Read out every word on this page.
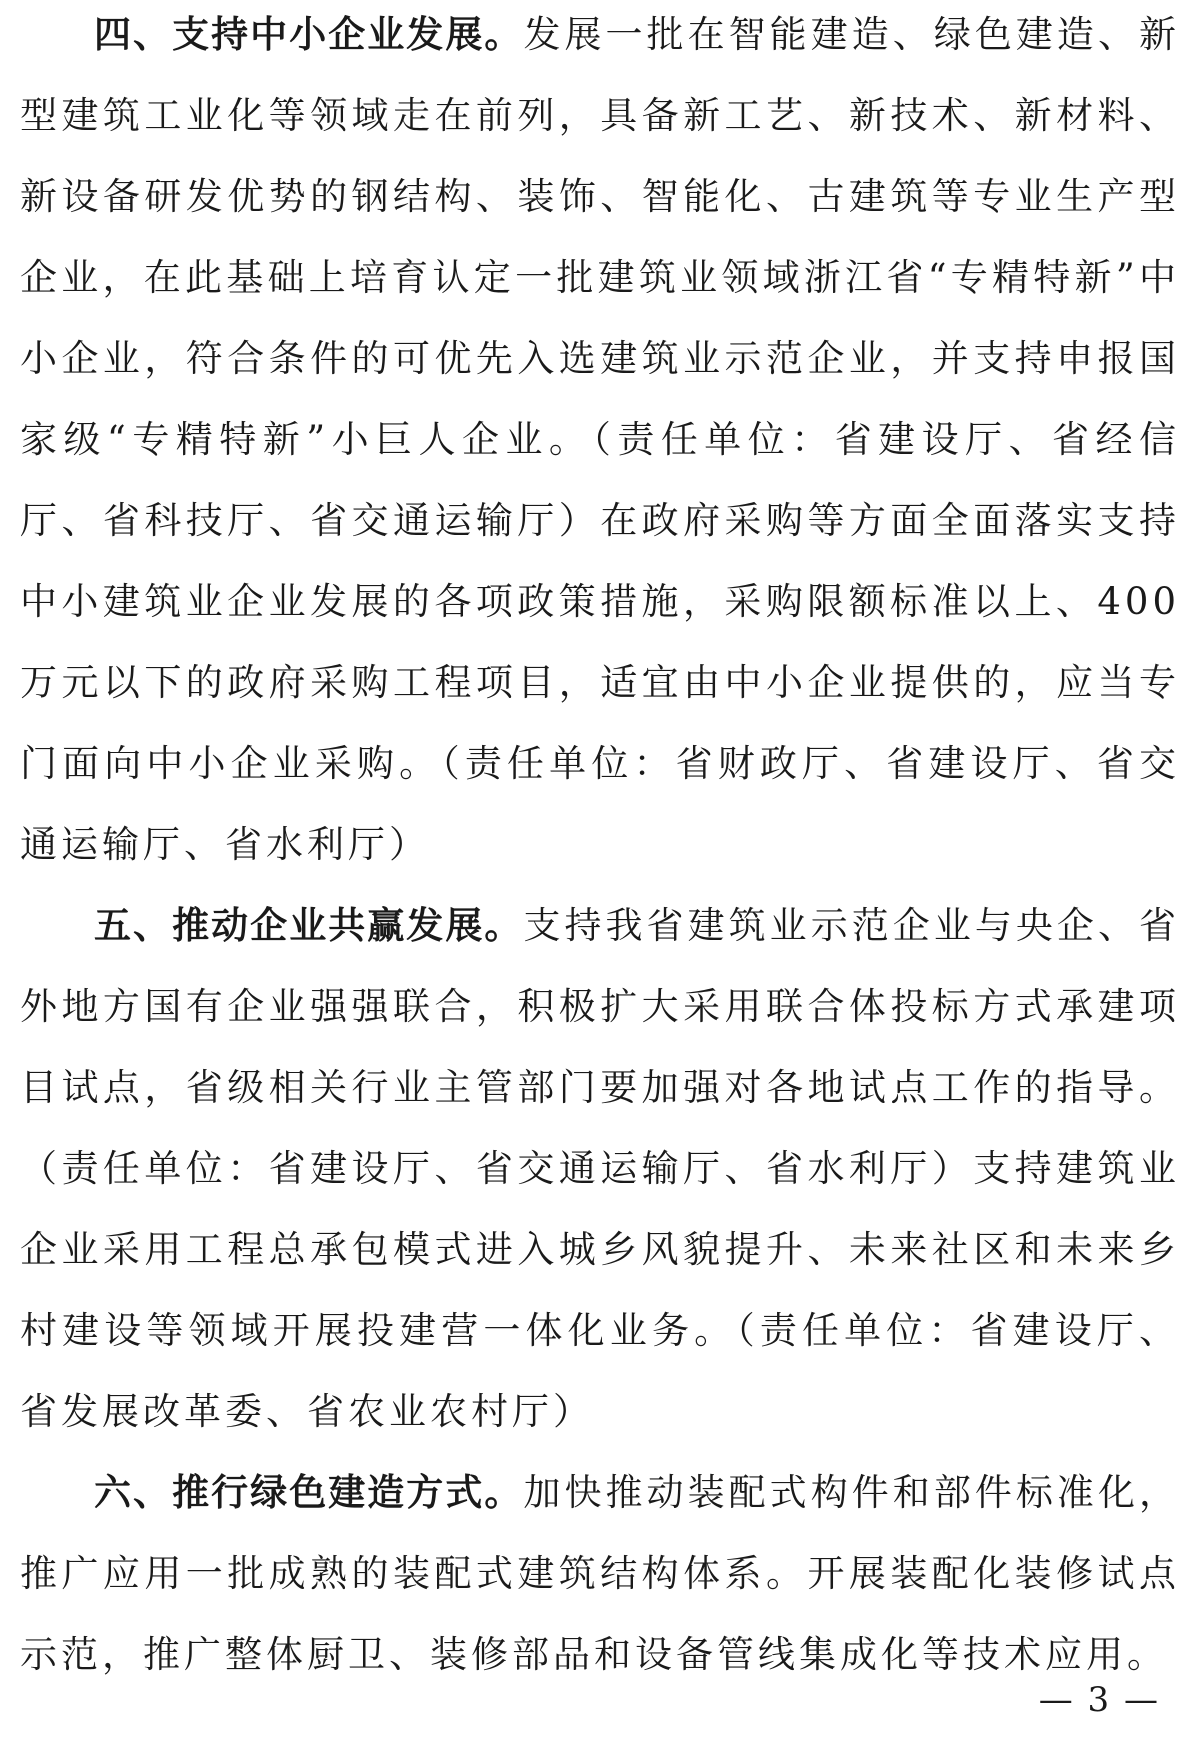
四、支持中小企业发展。发展一批在智能建造、绿色建造、新型建筑工业化等领域走在前列，具备新工艺、新技术、新材料、新设备研发优势的钢结构、装饰、智能化、古建筑等专业生产型企业，在此基础上培育认定一批建筑业领域浙江省“专精特新”中小企业，符合条件的可优先入选建筑业示范企业，并支持申报国家级“专精特新”小巨人企业。（责任单位：省建设厅、省经信厅、省科技厅、省交通运输厅）在政府采购等方面全面落实支持中小建筑业企业发展的各项政策措施，采购限额标准以上、400 万元以下的政府采购工程项目，适宜由中小企业提供的，应当专门面向中小企业采购。（责任单位：省财政厅、省建设厅、省交通运输厅、省水利厅）

五、推动企业共赢发展。支持我省建筑业示范企业与央企、省外地方国有企业强强联合，积极扩大采用联合体投标方式承建项目试点，省级相关行业主管部门要加强对各地试点工作的指导。（责任单位：省建设厅、省交通运输厅、省水利厅）支持建筑业企业采用工程总承包模式进入城乡风貌提升、未来社区和未来乡村建设等领域开展投建营一体化业务。（责任单位：省建设厅、省发展改革委、省农业农村厅）

六、推行绿色建造方式。加快推动装配式构件和部件标准化，推广应用一批成熟的装配式建筑结构体系。开展装配化装修试点示范，推广整体厨卫、装修部品和设备管线集成化等技术应用。

— 3 —
